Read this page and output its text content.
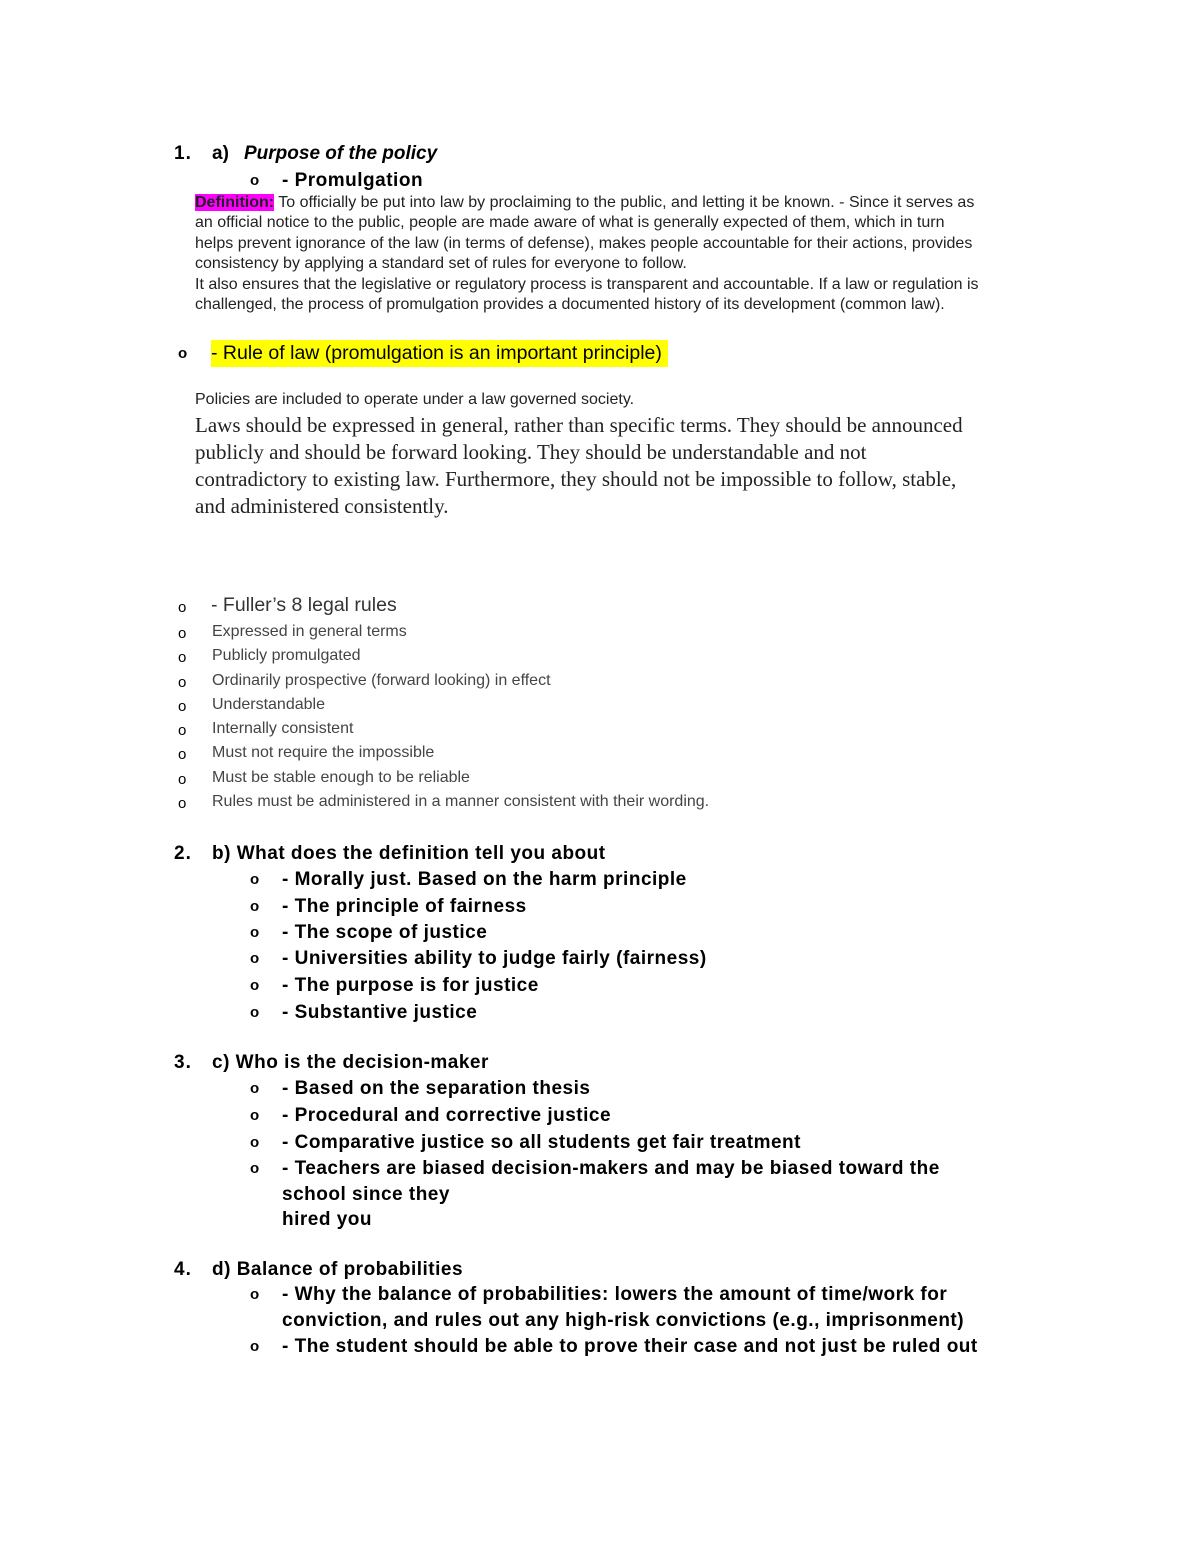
1. a) Purpose of the policy
o - Promulgation
Definition: To officially be put into law by proclaiming to the public, and letting it be known. - Since it serves as
an official notice to the public, people are made aware of what is generally expected of them, which in turn
helps prevent ignorance of the law (in terms of defense), makes people accountable for their actions, provides
consistency by applying a standard set of rules for everyone to follow.
It also ensures that the legislative or regulatory process is transparent and accountable. If a law or regulation is
challenged, the process of promulgation provides a documented history of its development (common law).
o - Rule of law (promulgation is an important principle)
Policies are included to operate under a law governed society.
Laws should be expressed in general, rather than specific terms. They should be announced
publicly and should be forward looking. They should be understandable and not
contradictory to existing law. Furthermore, they should not be impossible to follow, stable,
and administered consistently.
o - Fuller’s 8 legal rules
o Expressed in general terms
o Publicly promulgated
o Ordinarily prospective (forward looking) in effect
o Understandable
o Internally consistent
o Must not require the impossible
o Must be stable enough to be reliable
o Rules must be administered in a manner consistent with their wording.
2. b) What does the definition tell you about
o - Morally just. Based on the harm principle
o - The principle of fairness
o - The scope of justice
o - Universities ability to judge fairly (fairness)
o - The purpose is for justice
o - Substantive justice
3. c) Who is the decision-maker
o - Based on the separation thesis
o - Procedural and corrective justice
o - Comparative justice so all students get fair treatment
o - Teachers are biased decision-makers and may be biased toward the
school since they
hired you
4. d) Balance of probabilities
o - Why the balance of probabilities: lowers the amount of time/work for
conviction, and rules out any high-risk convictions (e.g., imprisonment)
o - The student should be able to prove their case and not just be ruled out
